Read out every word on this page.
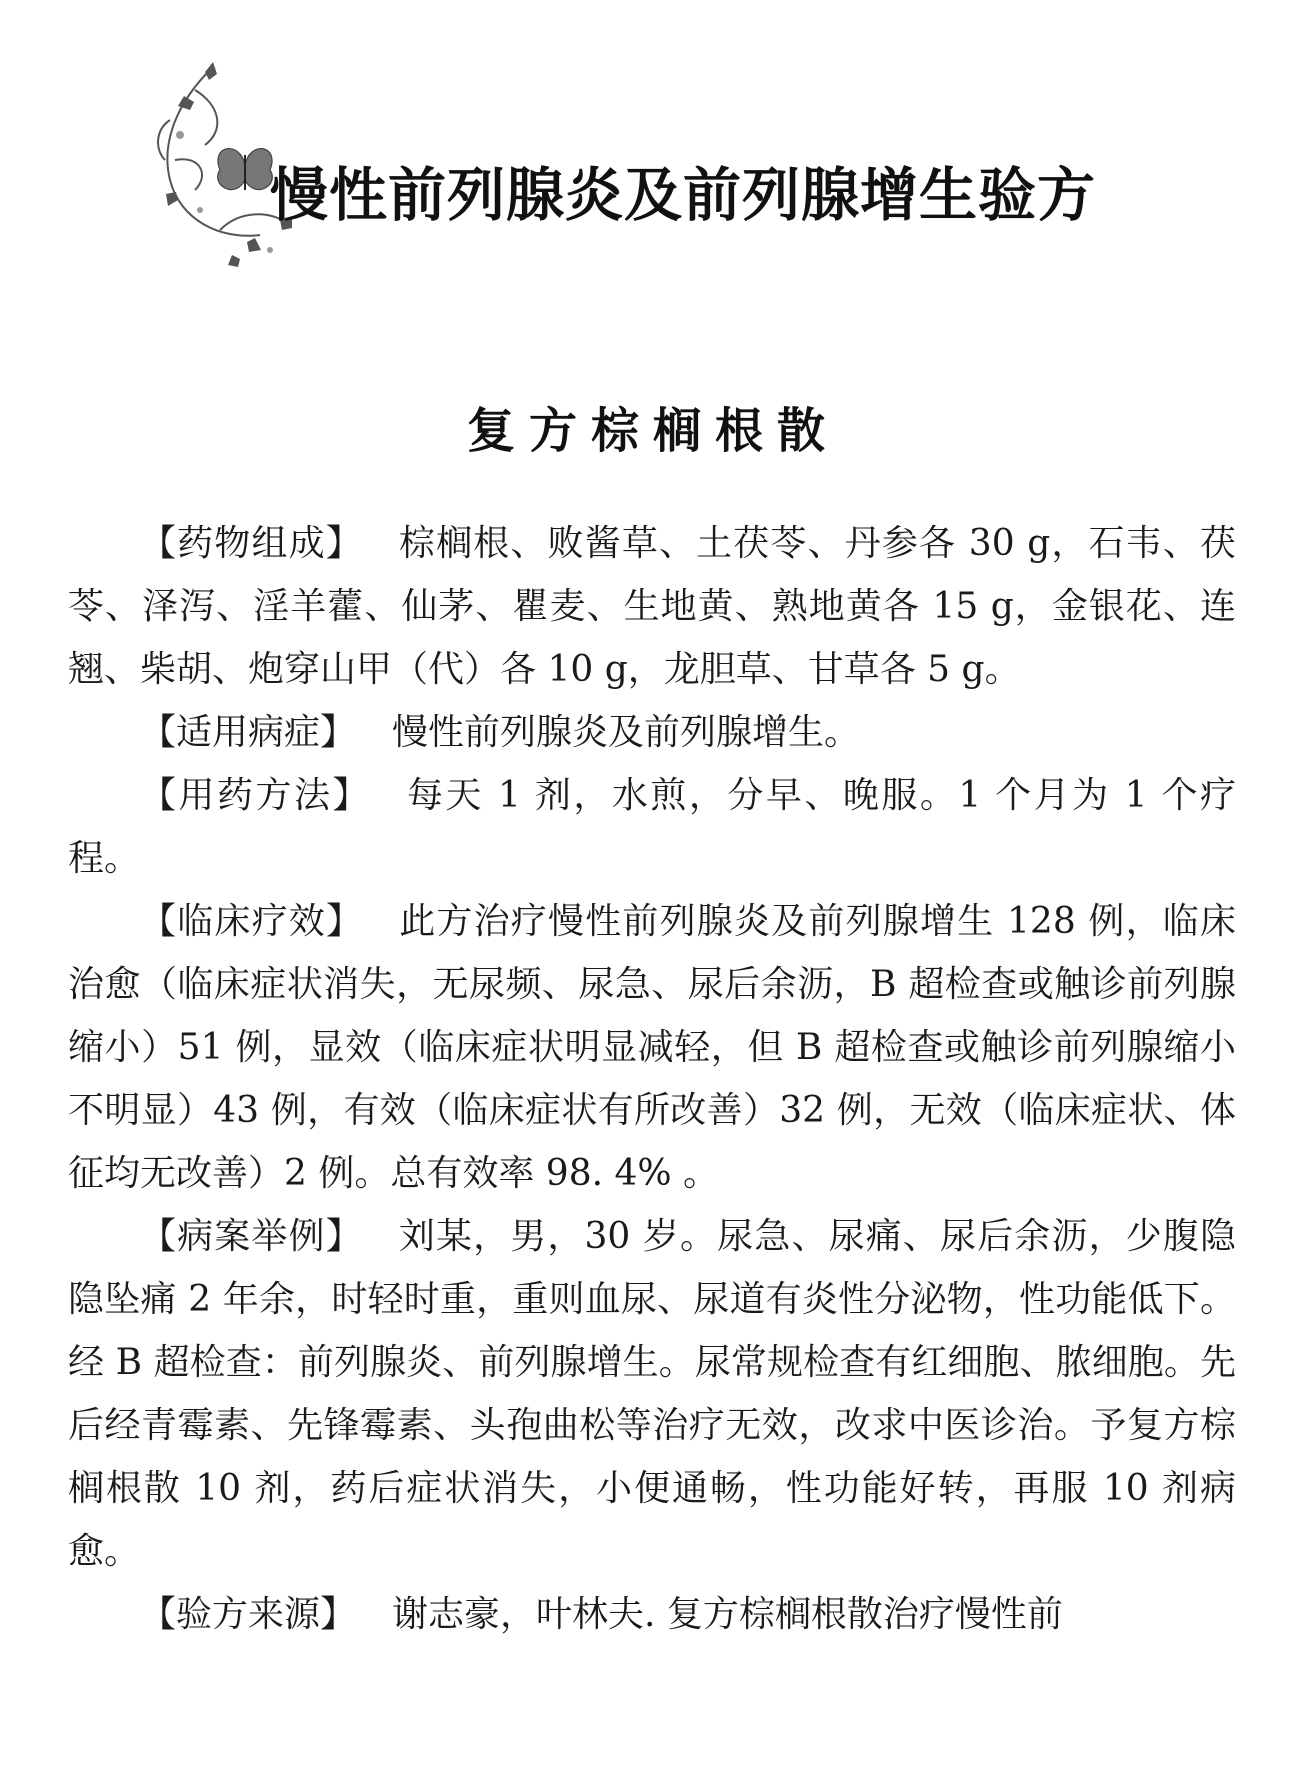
慢性前列腺炎及前列腺增生验方
复方棕榈根散

【药物组成】 棕榈根、败酱草、土茯苓、丹参各 30 g，石韦、茯苓、泽泻、淫羊藿、仙茅、瞿麦、生地黄、熟地黄各 15 g，金银花、连翘、柴胡、炮穿山甲（代）各 10 g，龙胆草、甘草各 5 g。

【适用病症】 慢性前列腺炎及前列腺增生。

【用药方法】 每天 1 剂，水煎，分早、晚服。1 个月为 1 个疗程。

【临床疗效】 此方治疗慢性前列腺炎及前列腺增生 128 例，临床治愈（临床症状消失，无尿频、尿急、尿后余沥，B 超检查或触诊前列腺缩小）51 例，显效（临床症状明显减轻，但 B 超检查或触诊前列腺缩小不明显）43 例，有效（临床症状有所改善）32 例，无效（临床症状、体征均无改善）2 例。总有效率 98. 4% 。

【病案举例】 刘某，男，30 岁。尿急、尿痛、尿后余沥，少腹隐隐坠痛 2 年余，时轻时重，重则血尿、尿道有炎性分泌物，性功能低下。经 B 超检查：前列腺炎、前列腺增生。尿常规检查有红细胞、脓细胞。先后经青霉素、先锋霉素、头孢曲松等治疗无效，改求中医诊治。予复方棕榈根散 10 剂，药后症状消失，小便通畅，性功能好转，再服 10 剂病愈。

【验方来源】 谢志豪，叶林夫. 复方棕榈根散治疗慢性前
